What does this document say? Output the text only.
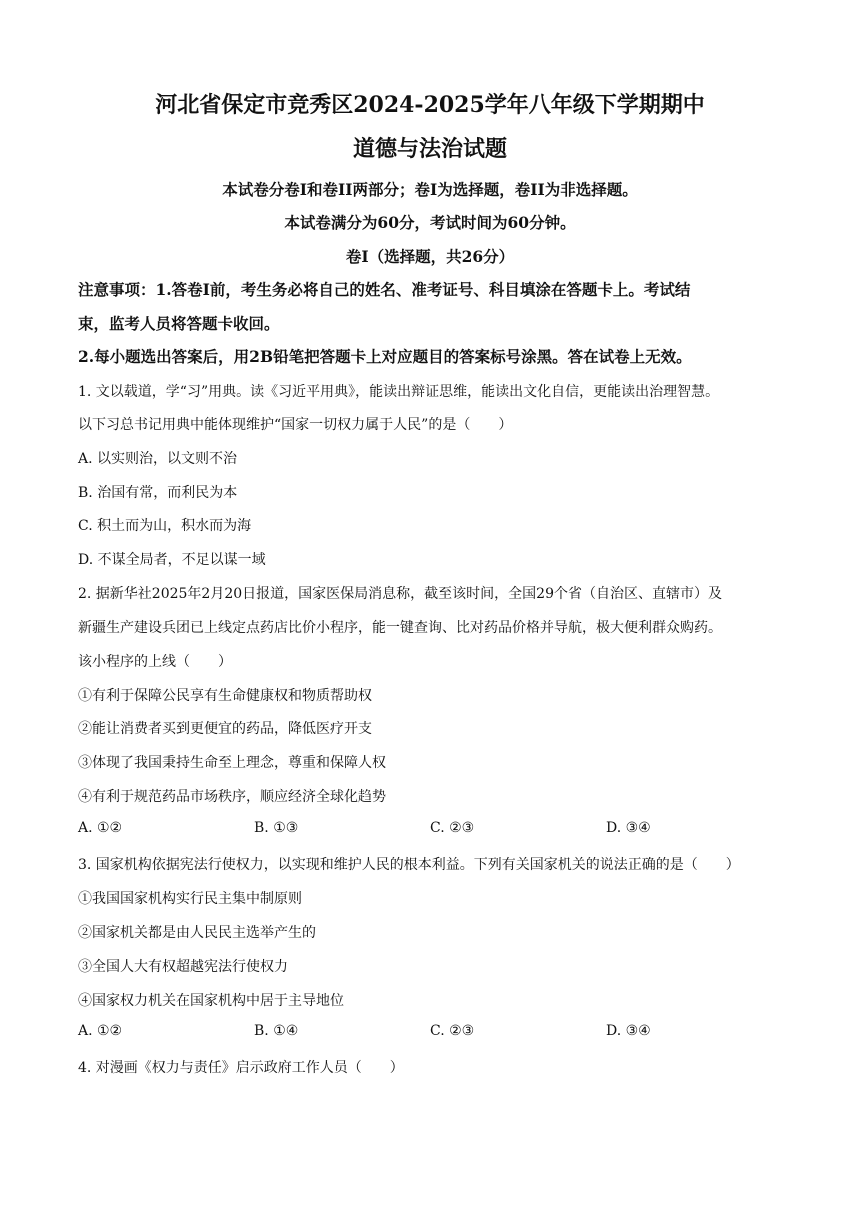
河北省保定市竞秀区2024-2025学年八年级下学期期中
道德与法治试题
本试卷分卷I和卷II两部分；卷I为选择题，卷II为非选择题。
本试卷满分为60分，考试时间为60分钟。
卷Ⅰ（选择题，共26分）
注意事项：1.答卷Ⅰ前，考生务必将自己的姓名、准考证号、科目填涂在答题卡上。考试结
束，监考人员将答题卡收回。
2.每小题选出答案后，用2B铅笔把答题卡上对应题目的答案标号涂黑。答在试卷上无效。
1. 文以载道，学“习”用典。读《习近平用典》，能读出辩证思维，能读出文化自信，更能读出治理智慧。
以下习总书记用典中能体现维护“国家一切权力属于人民”的是（　　）
A. 以实则治，以文则不治
B. 治国有常，而利民为本
C. 积土而为山，积水而为海
D. 不谋全局者，不足以谋一域
2. 据新华社2025年2月20日报道，国家医保局消息称，截至该时间，全国29个省（自治区、直辖市）及
新疆生产建设兵团已上线定点药店比价小程序，能一键查询、比对药品价格并导航，极大便利群众购药。
该小程序的上线（　　）
①有利于保障公民享有生命健康权和物质帮助权
②能让消费者买到更便宜的药品，降低医疗开支
③体现了我国秉持生命至上理念，尊重和保障人权
④有利于规范药品市场秩序，顺应经济全球化趋势
A. ①②	B. ①③	C. ②③	D. ③④
3. 国家机构依据宪法行使权力，以实现和维护人民的根本利益。下列有关国家机关的说法正确的是（　　）
①我国国家机构实行民主集中制原则
②国家机关都是由人民民主选举产生的
③全国人大有权超越宪法行使权力
④国家权力机关在国家机构中居于主导地位
A. ①②	B. ①④	C. ②③	D. ③④
4. 对漫画《权力与责任》启示政府工作人员（　　）
